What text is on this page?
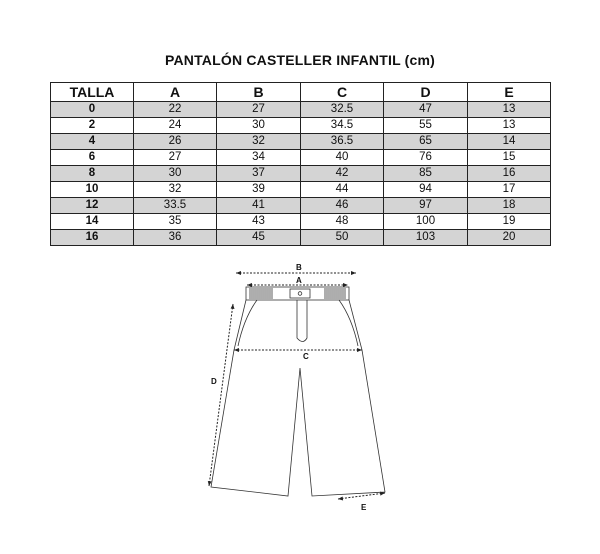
PANTALÓN CASTELLER INFANTIL (cm)
TALLA	A	B	C	D	E
0	22	27	32.5	47	13
2	24	30	34.5	55	13
4	26	32	36.5	65	14
6	27	34	40	76	15
8	30	37	42	85	16
10	32	39	44	94	17
12	33.5	41	46	97	18
14	35	43	48	100	19
16	36	45	50	103	20
B
A
C
D
E
